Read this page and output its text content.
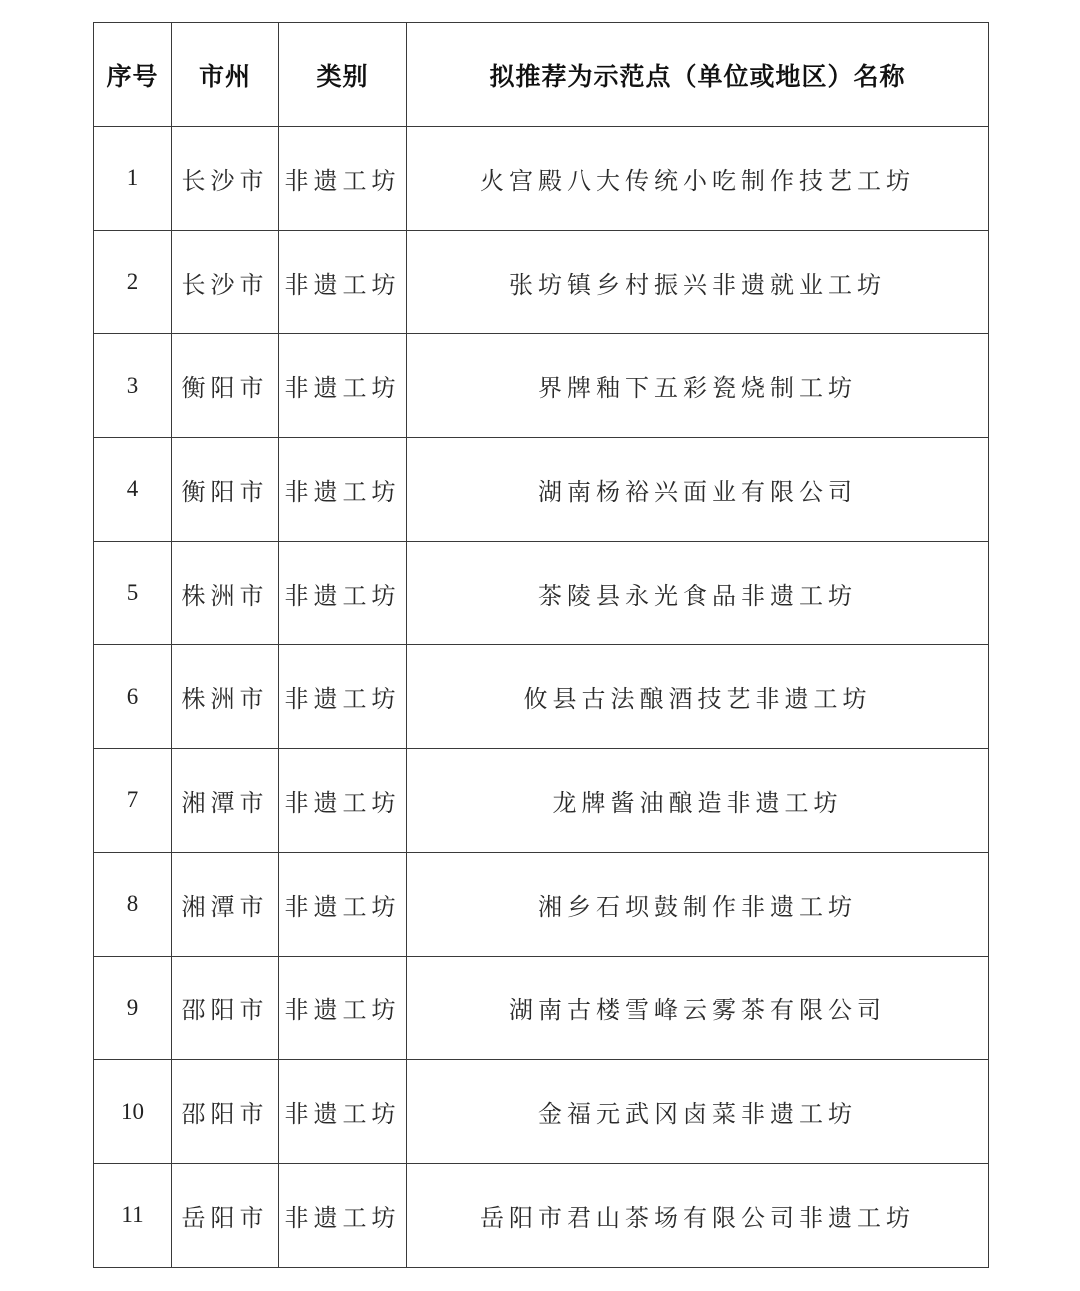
序号	市州	类别	拟推荐为示范点（单位或地区）名称
1	长沙市	非遗工坊	火宫殿八大传统小吃制作技艺工坊
2	长沙市	非遗工坊	张坊镇乡村振兴非遗就业工坊
3	衡阳市	非遗工坊	界牌釉下五彩瓷烧制工坊
4	衡阳市	非遗工坊	湖南杨裕兴面业有限公司
5	株洲市	非遗工坊	茶陵县永光食品非遗工坊
6	株洲市	非遗工坊	攸县古法酿酒技艺非遗工坊
7	湘潭市	非遗工坊	龙牌酱油酿造非遗工坊
8	湘潭市	非遗工坊	湘乡石坝鼓制作非遗工坊
9	邵阳市	非遗工坊	湖南古楼雪峰云雾茶有限公司
10	邵阳市	非遗工坊	金福元武冈卤菜非遗工坊
11	岳阳市	非遗工坊	岳阳市君山茶场有限公司非遗工坊
